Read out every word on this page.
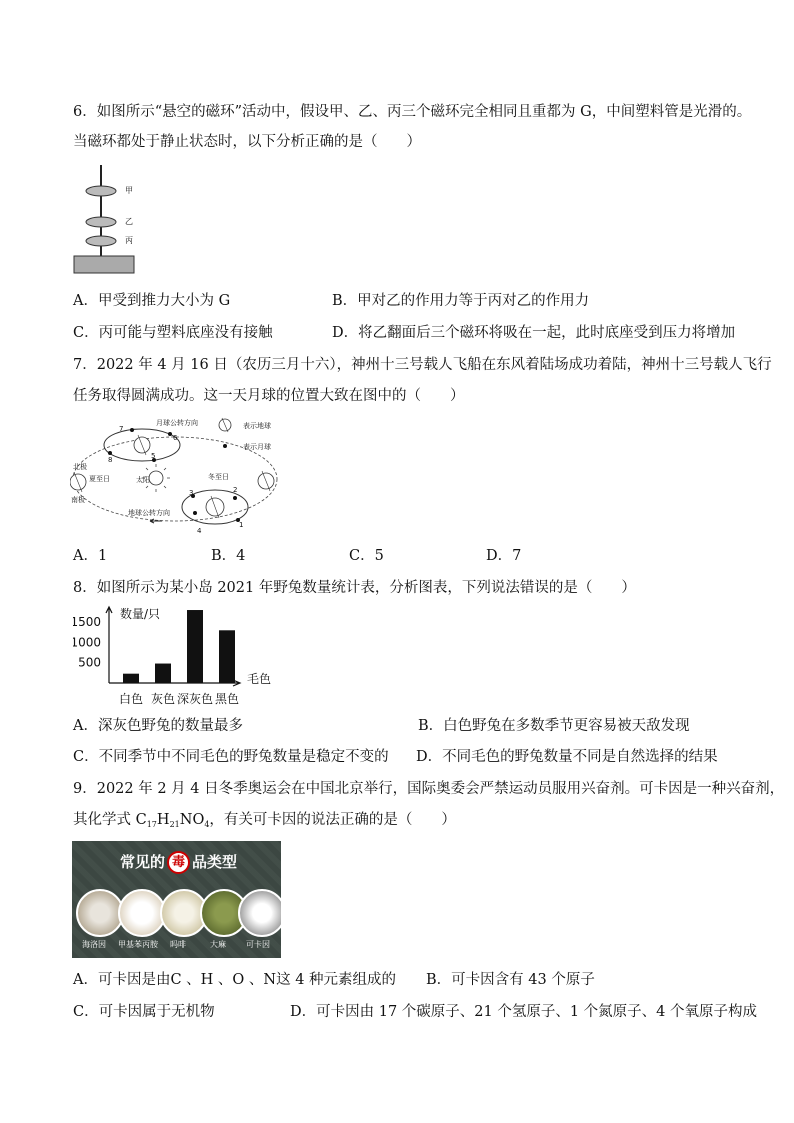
6．如图所示“悬空的磁环”活动中，假设甲、乙、丙三个磁环完全相同且重都为 G，中间塑料管是光滑的。
当磁环都处于静止状态时，以下分析正确的是（　　）
甲
乙
丙
A．甲受到推力大小为 G	B．甲对乙的作用力等于丙对乙的作用力
C．丙可能与塑料底座没有接触	D．将乙翻面后三个磁环将吸在一起，此时底座受到压力将增加
7．2022 年 4 月 16 日（农历三月十六），神州十三号载人飞船在东风着陆场成功着陆，神州十三号载人飞行
任务取得圆满成功。这一天月球的位置大致在图中的（　　）
月球公转方向	表示地球
表示月球
北极
南极
夏至日	太阳	冬至日
地球公转方向
1
2
3
4
5
6
7
8
A．1	B．4	C．5	D．7
8．如图所示为某小岛 2021 年野兔数量统计表，分析图表，下列说法错误的是（　　）
500
1000
1500
白色 灰色 深灰色 黑色
数量/只
毛色
A．深灰色野兔的数量最多	B．白色野兔在多数季节更容易被天敌发现
C．不同季节中不同毛色的野兔数量是稳定不变的 D．不同毛色的野兔数量不同是自然选择的结果
9．2022 年 2 月 4 日冬季奥运会在中国北京举行，国际奥委会严禁运动员服用兴奋剂。可卡因是一种兴奋剂，
其化学式 $C_{17}H_{21}NO_4$，有关可卡因的说法正确的是（　　）
常见的 毒 品类型
海洛因 甲基苯丙胺 吗啡	大麻	可卡因
A．可卡因是由C 、H 、O 、N这 4 种元素组成的 B．可卡因含有 43 个原子
C．可卡因属于无机物	D．可卡因由 17 个碳原子、21 个氢原子、1 个氮原子、4 个氧原子构成
